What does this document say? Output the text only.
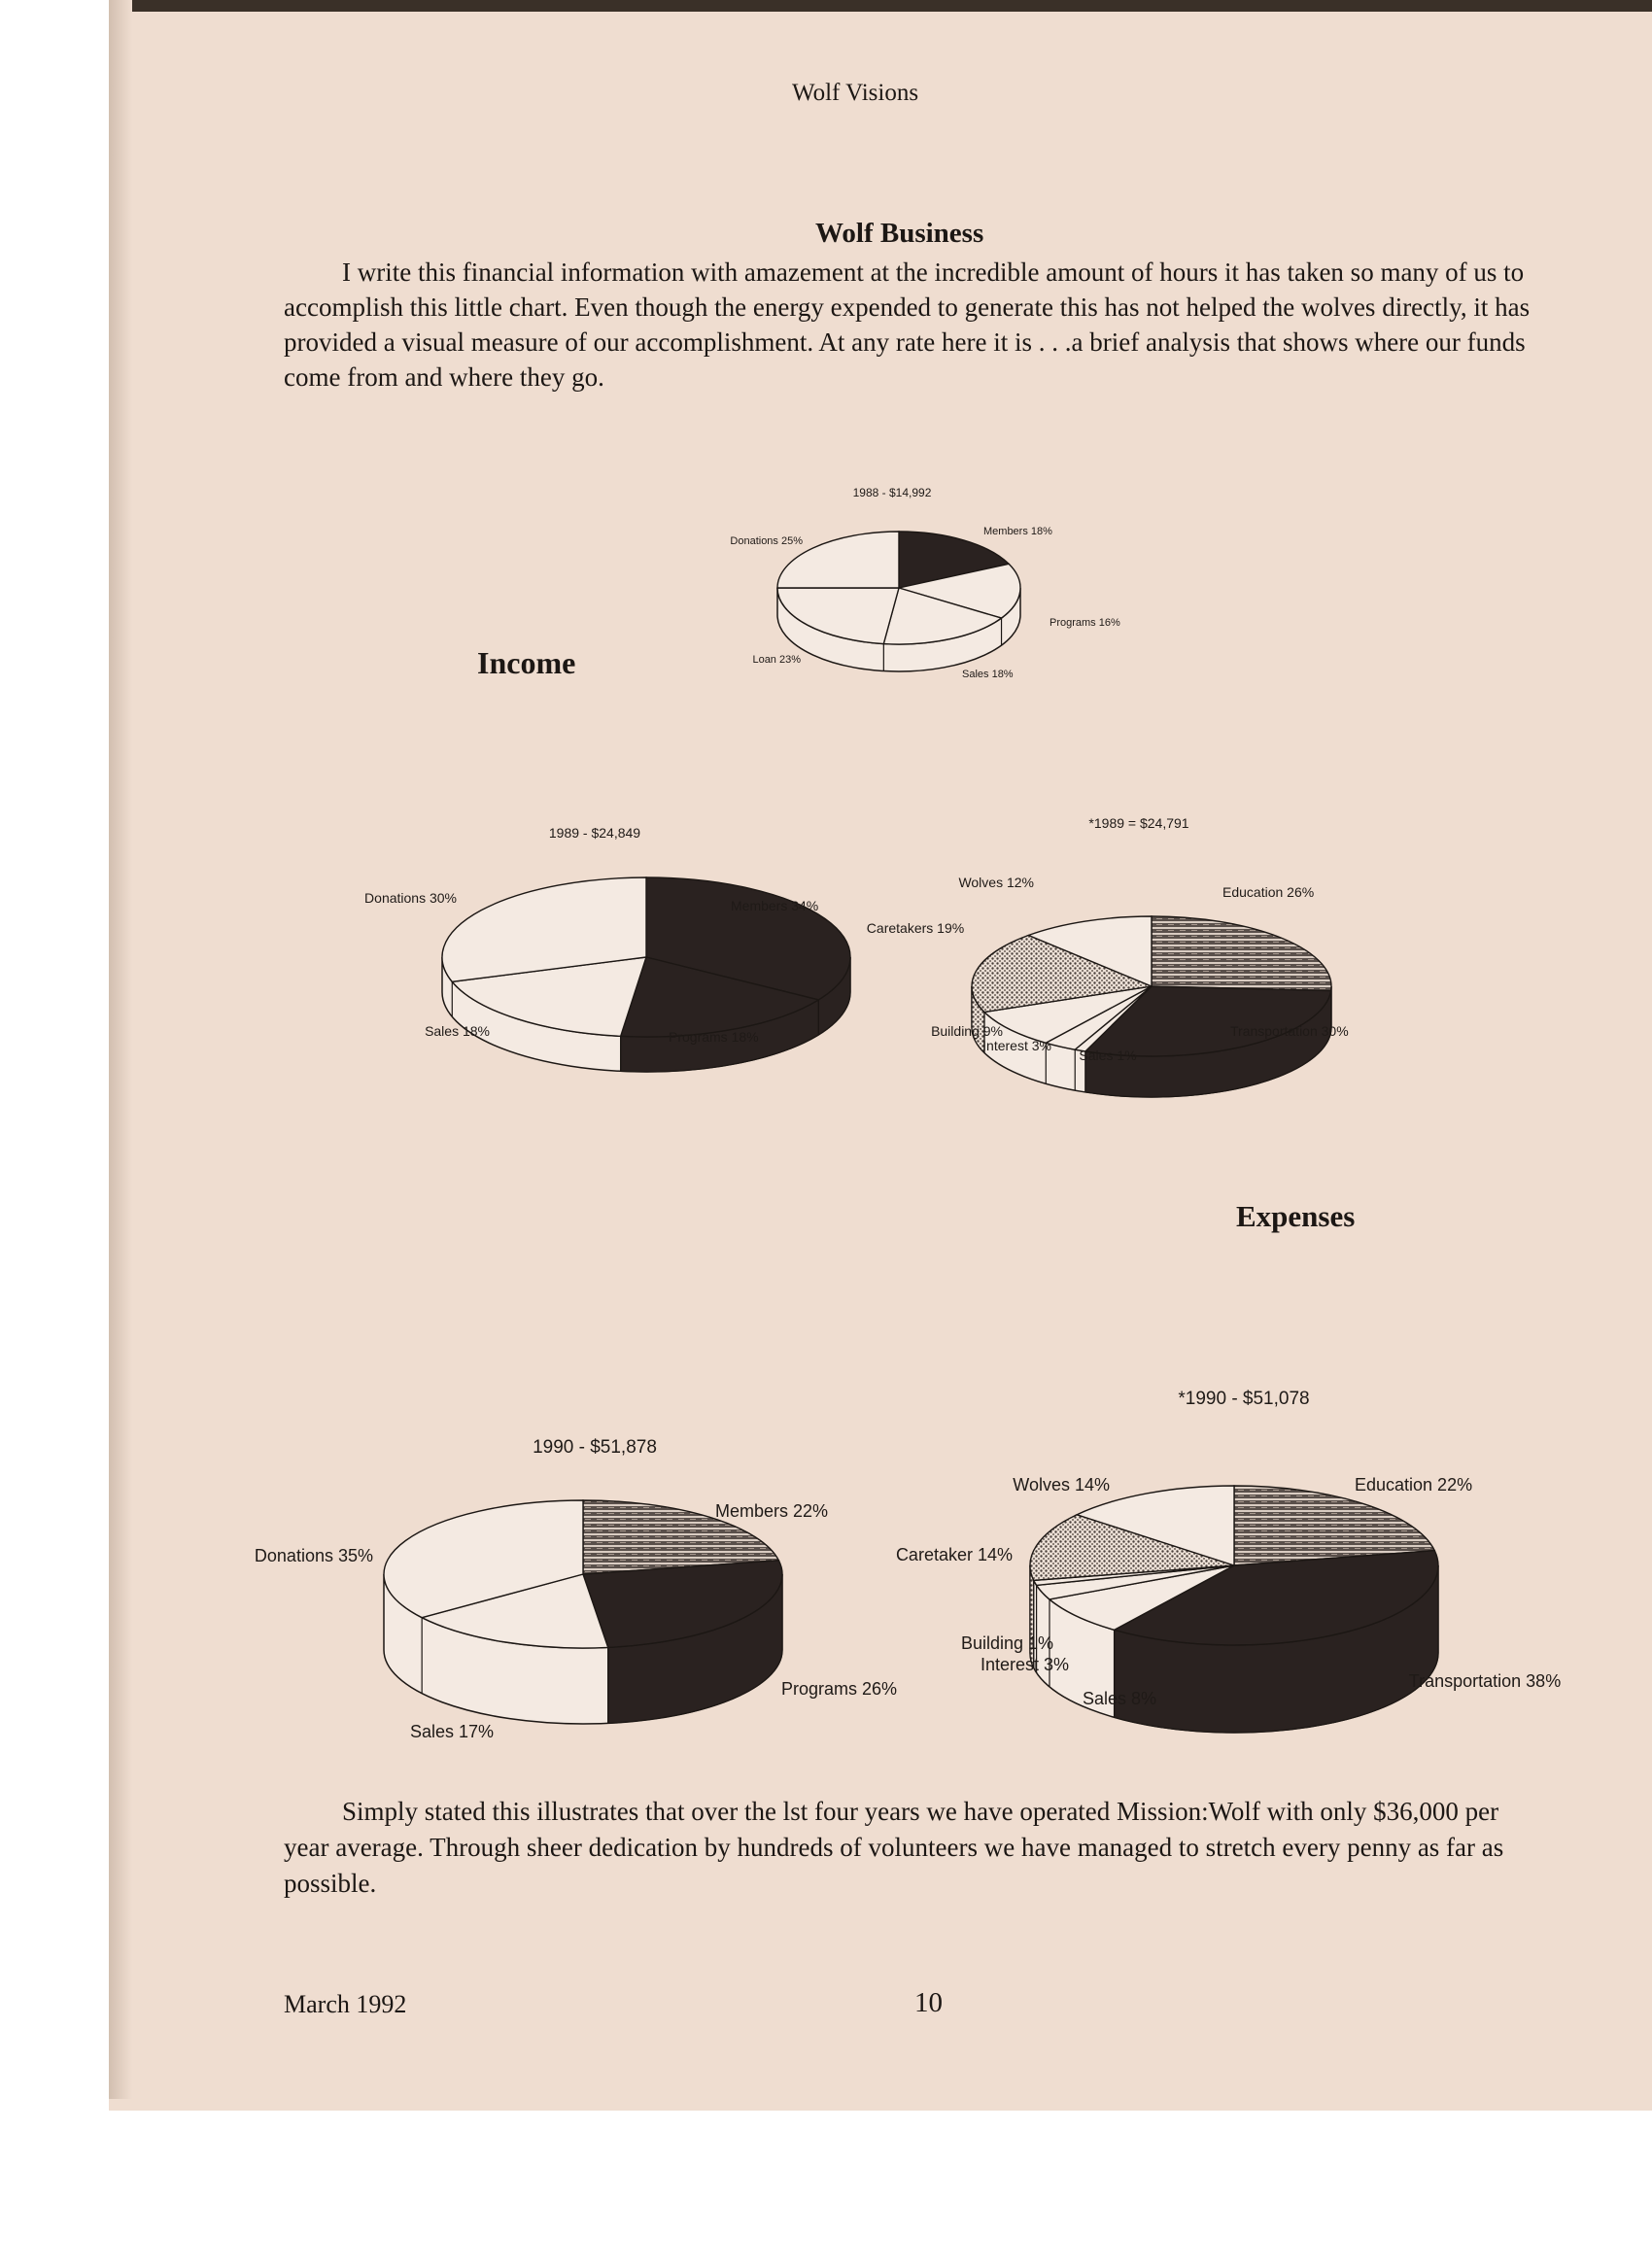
Wolf Visions

Wolf Business

I write this financial information with amazement at the incredible amount of hours it has taken so many of us to accomplish this little chart. Even though the energy expended to generate this has not helped the wolves directly, it has provided a visual measure of our accomplishment. At any rate here it is . . .a brief analysis that shows where our funds come from and where they go.

Income

Expenses

Simply stated this illustrates that over the lst four years we have operated Mission:Wolf with only $36,000 per year average. Through sheer dedication by hundreds of volunteers we have managed to stretch every penny as far as possible.

March 1992	10

1988 - $14,992
Members 18%
Programs 16%
Sales 18%
Loan 23%
Donations 25%
1989 - $24,849
Members 34%
Programs 18%
Sales 18%
Donations 30%
*1989 = $24,791
Education 26%
Transportation 30%
Sales 1%
Interest 3%
Building 9%
Caretakers 19%
Wolves 12%
1990 - $51,878
Members 22%
Programs 26%
Sales 17%
Donations 35%
*1990 - $51,078
Education 22%
Transportation 38%
Sales 8%
Interest 3%
Building 1%
Caretaker 14%
Wolves 14%
